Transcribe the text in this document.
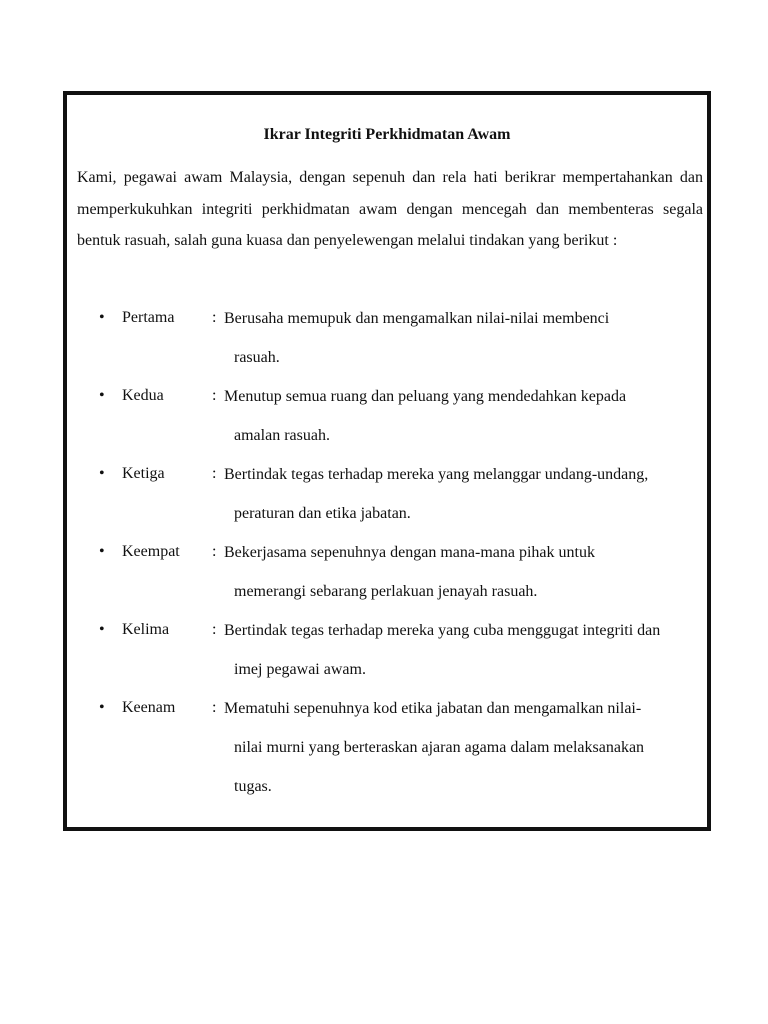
Ikrar Integriti Perkhidmatan Awam

Kami, pegawai awam Malaysia, dengan sepenuh dan rela hati berikrar mempertahankan dan memperkukuhkan integriti perkhidmatan awam dengan mencegah dan membenteras segala bentuk rasuah, salah guna kuasa dan penyelewengan melalui tindakan yang berikut :

• Pertama : Berusaha memupuk dan mengamalkan nilai-nilai membenci
rasuah.
• Kedua	: Menutup semua ruang dan peluang yang mendedahkan kepada
amalan rasuah.
• Ketiga	: Bertindak tegas terhadap mereka yang melanggar undang-undang,
peraturan dan etika jabatan.
• Keempat : Bekerjasama sepenuhnya dengan mana-mana pihak untuk
memerangi sebarang perlakuan jenayah rasuah.
• Kelima	: Bertindak tegas terhadap mereka yang cuba menggugat integriti dan
imej pegawai awam.
• Keenam : Mematuhi sepenuhnya kod etika jabatan dan mengamalkan nilai-
nilai murni yang berteraskan ajaran agama dalam melaksanakan
tugas.
